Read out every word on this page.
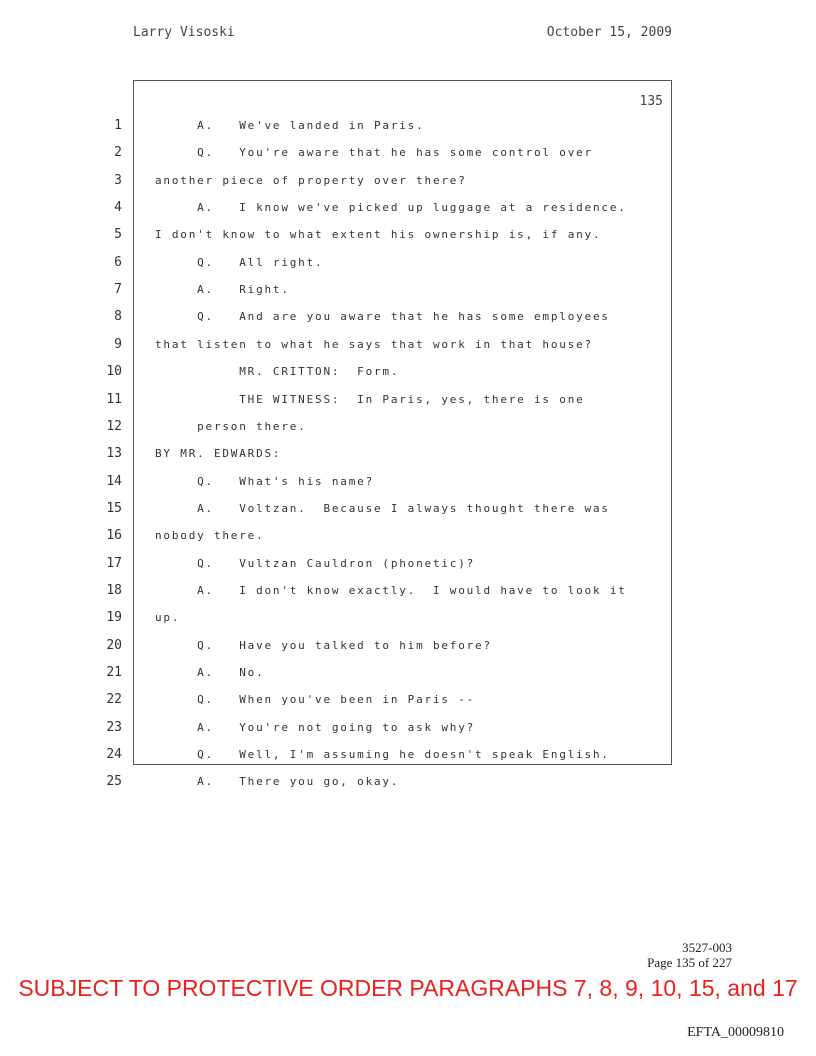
Larry Visoski	October 15, 2009
135
1	A.   We've landed in Paris.
2	Q.   You're aware that he has some control over
3	another piece of property over there?
4	A.   I know we've picked up luggage at a residence.
5	I don't know to what extent his ownership is, if any.
6	Q.   All right.
7	A.   Right.
8	Q.   And are you aware that he has some employees
9	that listen to what he says that work in that house?
10	MR. CRITTON:  Form.
11	THE WITNESS:  In Paris, yes, there is one
12	person there.
13	BY MR. EDWARDS:
14	Q.   What's his name?
15	A.   Voltzan.  Because I always thought there was
16	nobody there.
17	Q.   Vultzan Cauldron (phonetic)?
18	A.   I don't know exactly.  I would have to look it
19	up.
20	Q.   Have you talked to him before?
21	A.   No.
22	Q.   When you've been in Paris --
23	A.   You're not going to ask why?
24	Q.   Well, I'm assuming he doesn't speak English.
25	A.   There you go, okay.
3527-003
Page 135 of 227
SUBJECT TO PROTECTIVE ORDER PARAGRAPHS 7, 8, 9, 10, 15, and 17
EFTA_00009810
